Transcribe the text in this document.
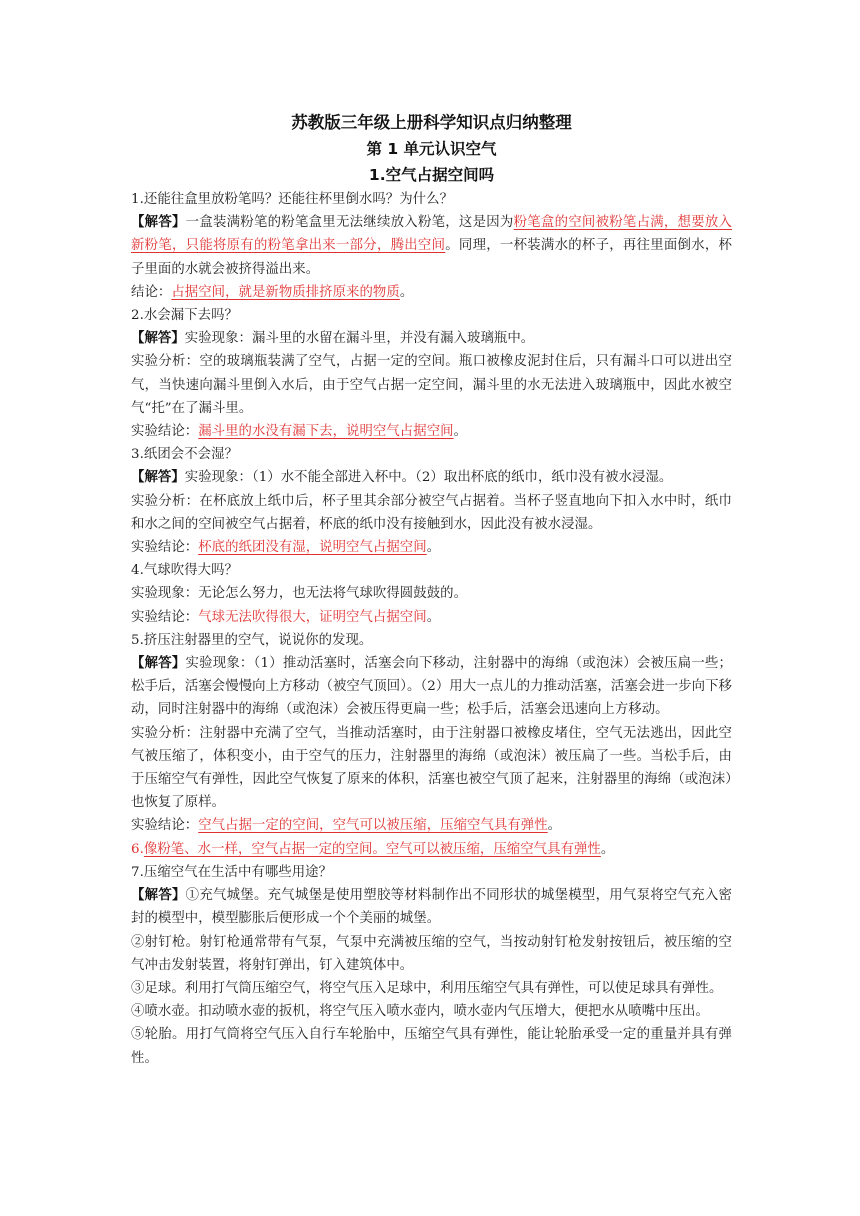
苏教版三年级上册科学知识点归纳整理
第 1 单元认识空气
1.空气占据空间吗

1.还能往盒里放粉笔吗？还能往杯里倒水吗？为什么？

【解答】一盒装满粉笔的粉笔盒里无法继续放入粉笔，这是因为粉笔盒的空间被粉笔占满，想要放入新粉笔，只能将原有的粉笔拿出来一部分，腾出空间。同理，一杯装满水的杯子，再往里面倒水，杯子里面的水就会被挤得溢出来。

结论：占据空间，就是新物质排挤原来的物质。

2.水会漏下去吗？

【解答】实验现象：漏斗里的水留在漏斗里，并没有漏入玻璃瓶中。

实验分析：空的玻璃瓶装满了空气，占据一定的空间。瓶口被橡皮泥封住后，只有漏斗口可以进出空气，当快速向漏斗里倒入水后，由于空气占据一定空间，漏斗里的水无法进入玻璃瓶中，因此水被空气“托”在了漏斗里。

实验结论：漏斗里的水没有漏下去，说明空气占据空间。

3.纸团会不会湿？

【解答】实验现象：（1）水不能全部进入杯中。（2）取出杯底的纸巾，纸巾没有被水浸湿。

实验分析：在杯底放上纸巾后，杯子里其余部分被空气占据着。当杯子竖直地向下扣入水中时，纸巾和水之间的空间被空气占据着，杯底的纸巾没有接触到水，因此没有被水浸湿。

实验结论：杯底的纸团没有湿，说明空气占据空间。

4.气球吹得大吗？

实验现象：无论怎么努力，也无法将气球吹得圆鼓鼓的。

实验结论：气球无法吹得很大，证明空气占据空间。

5.挤压注射器里的空气，说说你的发现。

【解答】实验现象：（1）推动活塞时，活塞会向下移动，注射器中的海绵（或泡沫）会被压扁一些；松手后，活塞会慢慢向上方移动（被空气顶回）。（2）用大一点儿的力推动活塞，活塞会进一步向下移动，同时注射器中的海绵（或泡沫）会被压得更扁一些；松手后，活塞会迅速向上方移动。

实验分析：注射器中充满了空气，当推动活塞时，由于注射器口被橡皮堵住，空气无法逃出，因此空气被压缩了，体积变小，由于空气的压力，注射器里的海绵（或泡沫）被压扁了一些。当松手后，由于压缩空气有弹性，因此空气恢复了原来的体积，活塞也被空气顶了起来，注射器里的海绵（或泡沫）也恢复了原样。

实验结论：空气占据一定的空间，空气可以被压缩，压缩空气具有弹性。

6.像粉笔、水一样，空气占据一定的空间。空气可以被压缩，压缩空气具有弹性。

7.压缩空气在生活中有哪些用途？

【解答】①充气城堡。充气城堡是使用塑胶等材料制作出不同形状的城堡模型，用气泵将空气充入密封的模型中，模型膨胀后便形成一个个美丽的城堡。

②射钉枪。射钉枪通常带有气泵，气泵中充满被压缩的空气，当按动射钉枪发射按钮后，被压缩的空气冲击发射装置，将射钉弹出，钉入建筑体中。

③足球。利用打气筒压缩空气，将空气压入足球中，利用压缩空气具有弹性，可以使足球具有弹性。

④喷水壶。扣动喷水壶的扳机，将空气压入喷水壶内，喷水壶内气压增大，便把水从喷嘴中压出。

⑤轮胎。用打气筒将空气压入自行车轮胎中，压缩空气具有弹性，能让轮胎承受一定的重量并具有弹性。
